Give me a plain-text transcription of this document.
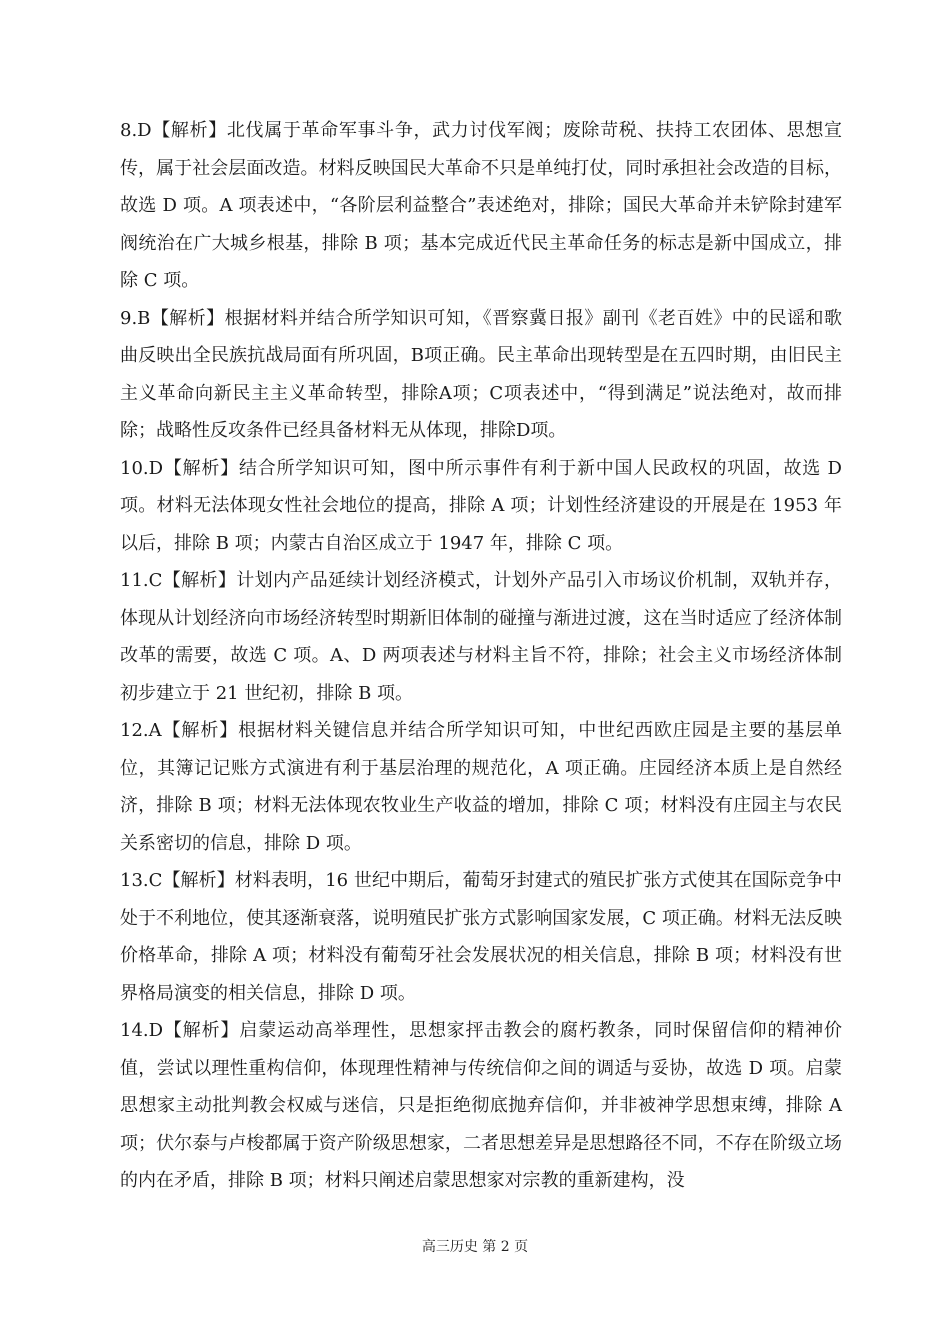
8.D【解析】北伐属于革命军事斗争，武力讨伐军阀；废除苛税、扶持工农团体、思想宣传，属于社会层面改造。材料反映国民大革命不只是单纯打仗，同时承担社会改造的目标，故选 D 项。A 项表述中，“各阶层利益整合”表述绝对，排除；国民大革命并未铲除封建军阀统治在广大城乡根基，排除 B 项；基本完成近代民主革命任务的标志是新中国成立，排除 C 项。

9.B【解析】根据材料并结合所学知识可知，《晋察冀日报》副刊《老百姓》中的民谣和歌曲反映出全民族抗战局面有所巩固，B项正确。民主革命出现转型是在五四时期，由旧民主主义革命向新民主主义革命转型，排除A项；C项表述中，“得到满足”说法绝对，故而排除；战略性反攻条件已经具备材料无从体现，排除D项。

10.D【解析】结合所学知识可知，图中所示事件有利于新中国人民政权的巩固，故选 D 项。材料无法体现女性社会地位的提高，排除 A 项；计划性经济建设的开展是在 1953 年以后，排除 B 项；内蒙古自治区成立于 1947 年，排除 C 项。

11.C【解析】计划内产品延续计划经济模式，计划外产品引入市场议价机制，双轨并存，体现从计划经济向市场经济转型时期新旧体制的碰撞与渐进过渡，这在当时适应了经济体制改革的需要，故选 C 项。A、D 两项表述与材料主旨不符，排除；社会主义市场经济体制初步建立于 21 世纪初，排除 B 项。

12.A【解析】根据材料关键信息并结合所学知识可知，中世纪西欧庄园是主要的基层单位，其簿记记账方式演进有利于基层治理的规范化，A 项正确。庄园经济本质上是自然经济，排除 B 项；材料无法体现农牧业生产收益的增加，排除 C 项；材料没有庄园主与农民关系密切的信息，排除 D 项。

13.C【解析】材料表明，16 世纪中期后，葡萄牙封建式的殖民扩张方式使其在国际竞争中处于不利地位，使其逐渐衰落，说明殖民扩张方式影响国家发展，C 项正确。材料无法反映价格革命，排除 A 项；材料没有葡萄牙社会发展状况的相关信息，排除 B 项；材料没有世界格局演变的相关信息，排除 D 项。

14.D【解析】启蒙运动高举理性，思想家抨击教会的腐朽教条，同时保留信仰的精神价值，尝试以理性重构信仰，体现理性精神与传统信仰之间的调适与妥协，故选 D 项。启蒙思想家主动批判教会权威与迷信，只是拒绝彻底抛弃信仰，并非被神学思想束缚，排除 A 项；伏尔泰与卢梭都属于资产阶级思想家，二者思想差异是思想路径不同，不存在阶级立场的内在矛盾，排除 B 项；材料只阐述启蒙思想家对宗教的重新建构，没

高三历史 第 2 页
